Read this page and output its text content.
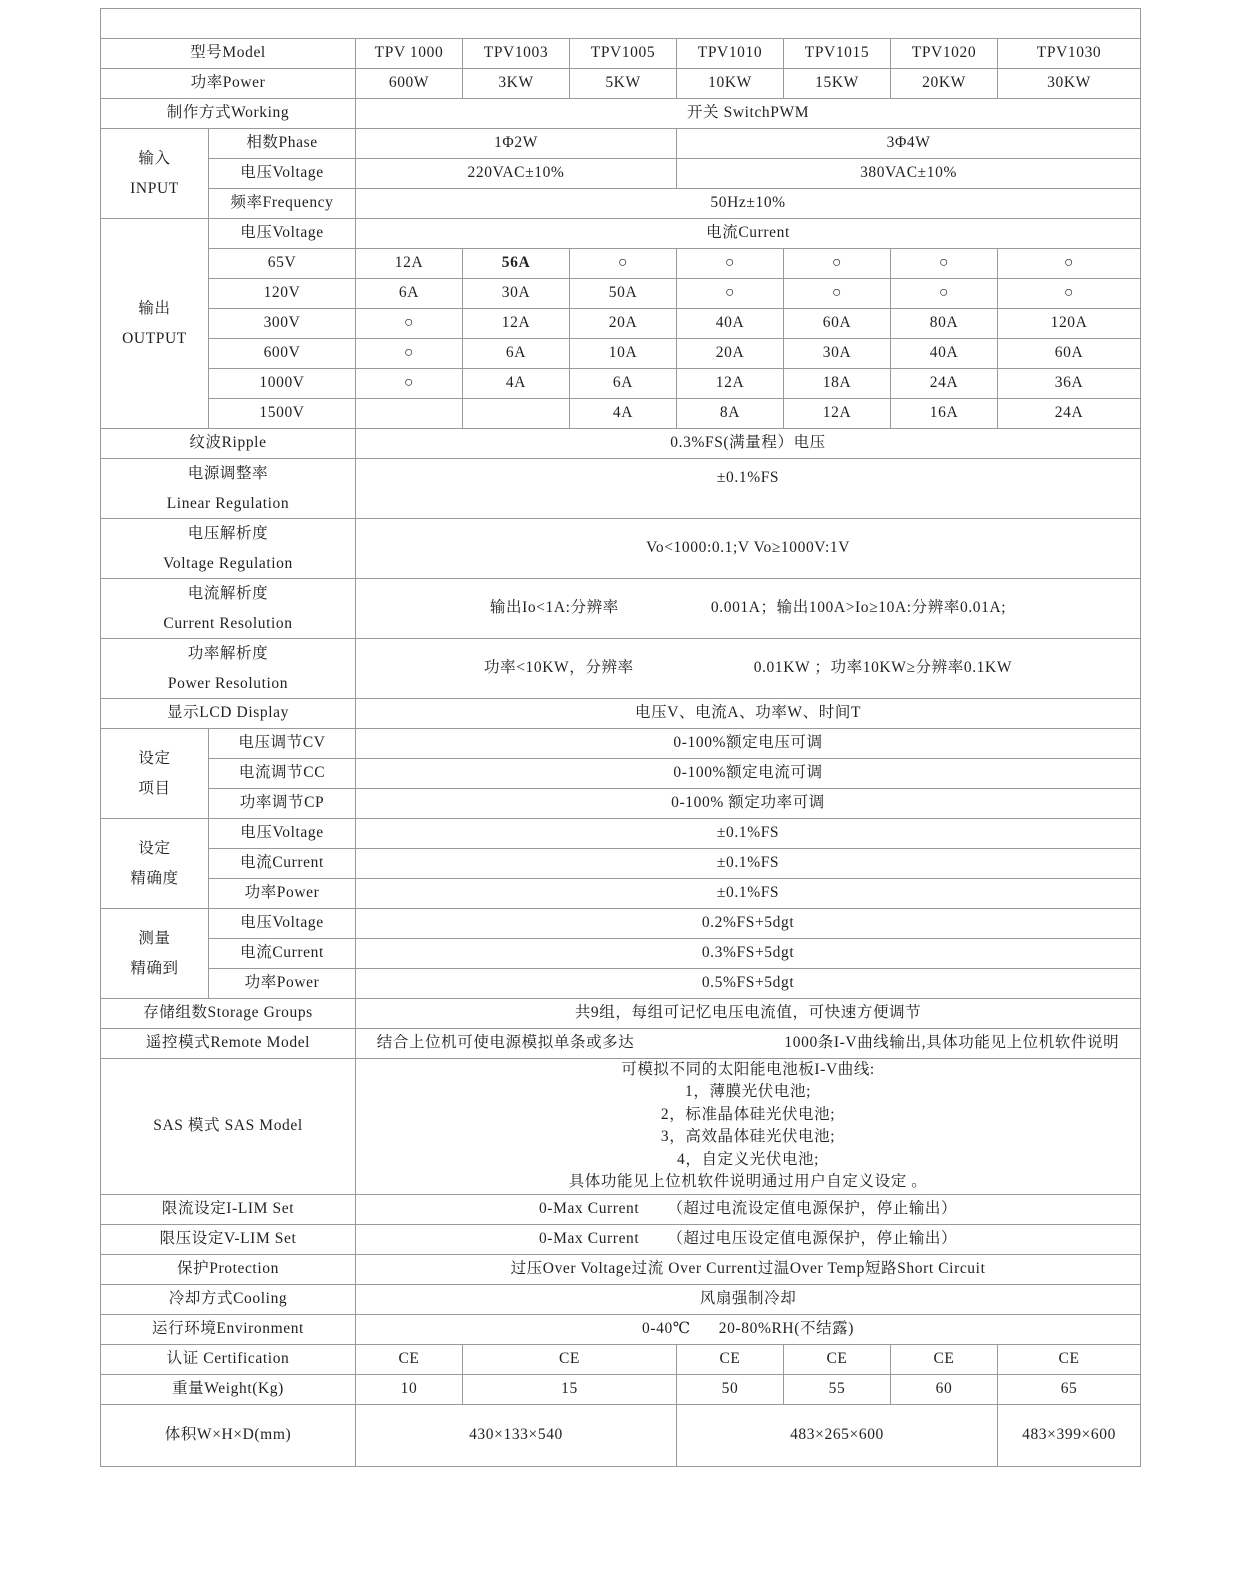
TPV1000系列规格								
型号Model		TPV 1000	TPV1003	TPV1005	TPV1010	TPV1015	TPV1020	TPV1030
功率Power		600W	3KW	5KW	10KW	15KW	20KW	30KW
制作方式Working		开关 SwitchPWM						

输入
INPUT	相数Phase	1Φ2W			3Φ4W			
	电压Voltage	220VAC±10%			380VAC±10%			
	频率Frequency	50Hz±10%						

输出
OUTPUT	电压Voltage	电流Current						
	65V	12A	56A	○	○	○	○	○
	120V	6A	30A	50A	○	○	○	○
	300V	○	12A	20A	40A	60A	80A	120A
	600V	○	6A	10A	20A	30A	40A	60A
	1000V	○	4A	6A	12A	18A	24A	36A
	1500V			4A	8A	12A	16A	24A
纹波Ripple		0.3%FS(满量程）电压						

电源调整率
Linear Regulation		±0.1%FS						

电压解析度
Voltage Regulation		Vo<1000:0.1;V Vo≥1000V:1V						

电流解析度
Current Resolution		输出Io<1A:分辨率 0.001A；输出100A>Io≥10A:分辨率0.01A;						

功率解析度
Power Resolution		功率<10KW，分辨率 0.01KW ；功率10KW≥分辨率0.1KW						
显示LCD Display		电压V、电流A、功率W、时间T						

设定
项目	电压调节CV	0-100%额定电压可调						
	电流调节CC	0-100%额定电流可调						
	功率调节CP	0-100% 额定功率可调						

设定
精确度	电压Voltage	±0.1%FS						
	电流Current	±0.1%FS						
	功率Power	±0.1%FS						

测量
精确到	电压Voltage	0.2%FS+5dgt						
	电流Current	0.3%FS+5dgt						
	功率Power	0.5%FS+5dgt						
存储组数Storage Groups		共9组，每组可记忆电压电流值，可快速方便调节						
遥控模式Remote Model		结合上位机可使电源模拟单条或多达 1000条I-V曲线输出,具体功能见上位机软件说明						
SAS 模式 SAS Model	
可模拟不同的太阳能电池板I-V曲线:
1，薄膜光伏电池;
2，标准晶体硅光伏电池;
3，高效晶体硅光伏电池;
4，自定义光伏电池;
具体功能见上位机软件说明通过用户自定义设定 。

限流设定I-LIM Set		0-Max Current （超过电流设定值电源保护，停止输出）						
限压设定V-LIM Set		0-Max Current （超过电压设定值电源保护，停止输出）						
保护Protection		过压Over Voltage过流 Over Current过温Over Temp短路Short Circuit						
冷却方式Cooling		风扇强制冷却						
运行环境Environment		0-40℃ 20-80%RH(不结露)						
认证 Certification		CE	CE		CE	CE	CE	CE
重量Weight(Kg)		10	15		50	55	60	65
体积W×H×D(mm)		430×133×540			483×265×600			483×399×600
